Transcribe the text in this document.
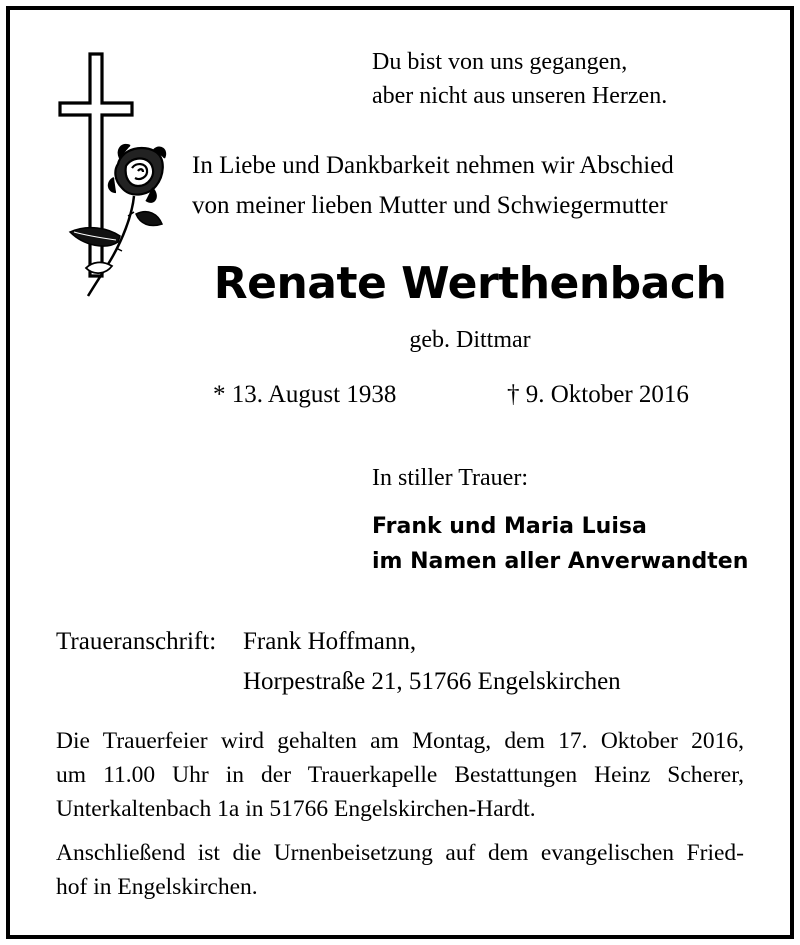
Du bist von uns gegangen,
aber nicht aus unseren Herzen.
In Liebe und Dankbarkeit nehmen wir Abschied
von meiner lieben Mutter und Schwiegermutter
Renate Werthenbach
geb. Dittmar
* 13. August 1938	† 9. Oktober 2016
In stiller Trauer:
Frank und Maria Luisa
im Namen aller Anverwandten
Traueranschrift: Frank Hoffmann,
Horpestraße 21, 51766 Engelskirchen
Die Trauerfeier wird gehalten am Montag, dem 17. Oktober 2016,
um 11.00 Uhr in der Trauerkapelle Bestattungen Heinz Scherer,
Unterkaltenbach 1a in 51766 Engelskirchen-Hardt.
Anschließend ist die Urnenbeisetzung auf dem evangelischen Fried-
hof in Engelskirchen.
